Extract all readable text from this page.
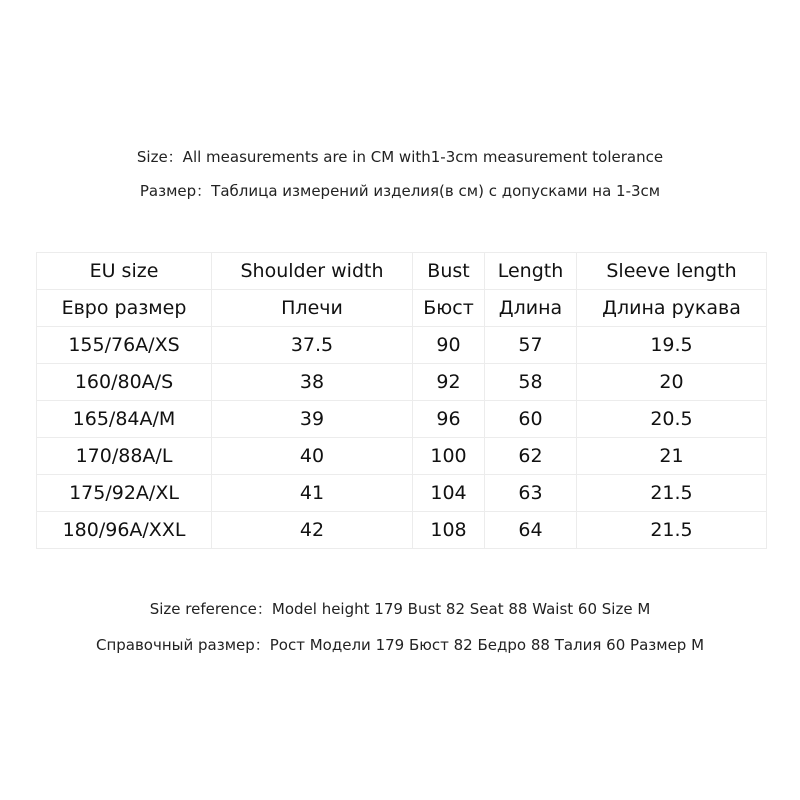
Size：All measurements are in CM with1-3cm measurement tolerance
Размер：Таблица измерений изделия(в см) с допусками на 1-3см
EU size	Shoulder width	Bust	Length	Sleeve length
Евро размер	Плечи	Бюст	Длина	Длина рукава
155/76A/XS	37.5	90	57	19.5
160/80A/S	38	92	58	20
165/84A/M	39	96	60	20.5
170/88A/L	40	100	62	21
175/92A/XL	41	104	63	21.5
180/96A/XXL	42	108	64	21.5
Size reference：Model height 179 Bust 82 Seat 88 Waist 60 Size M
Справочный размер：Рост Модели 179 Бюст 82 Бедро 88 Талия 60 Размер M
